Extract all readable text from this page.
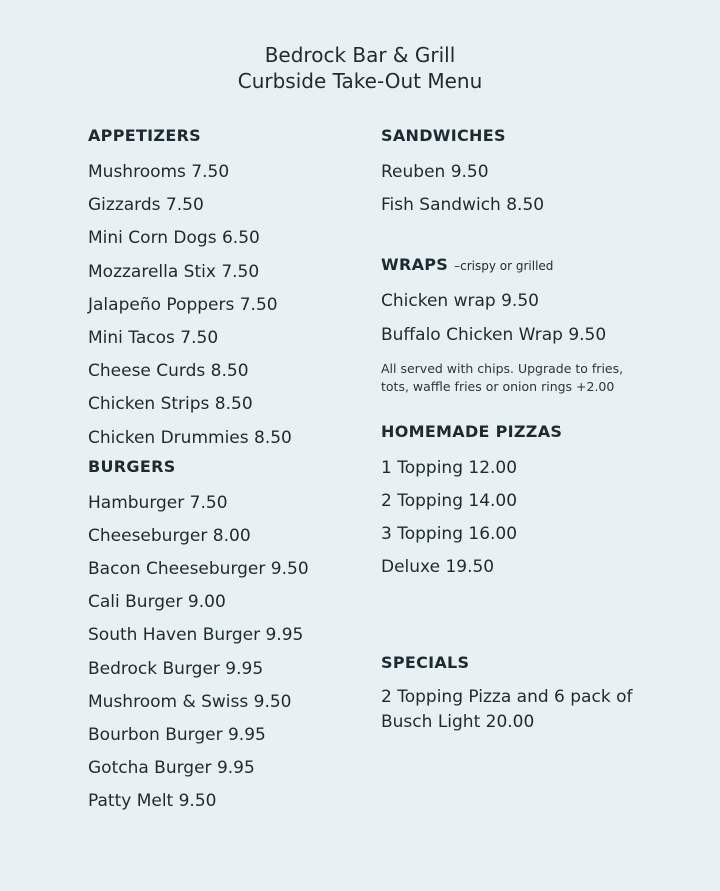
Bedrock Bar & Grill
Curbside Take-Out Menu
APPETIZERS
Mushrooms 7.50
Gizzards 7.50
Mini Corn Dogs 6.50
Mozzarella Stix 7.50
Jalapeño Poppers 7.50
Mini Tacos 7.50
Cheese Curds 8.50
Chicken Strips 8.50
Chicken Drummies 8.50
BURGERS
Hamburger 7.50
Cheeseburger 8.00
Bacon Cheeseburger 9.50
Cali Burger 9.00
South Haven Burger 9.95
Bedrock Burger 9.95
Mushroom & Swiss 9.50
Bourbon Burger 9.95
Gotcha Burger 9.95
Patty Melt 9.50
SANDWICHES
Reuben 9.50
Fish Sandwich 8.50
WRAPS –crispy or grilled
Chicken wrap 9.50
Buffalo Chicken Wrap 9.50
All served with chips. Upgrade to fries, tots, waffle fries or onion rings +2.00
HOMEMADE PIZZAS
1 Topping 12.00
2 Topping 14.00
3 Topping 16.00
Deluxe 19.50
SPECIALS
2 Topping Pizza and 6 pack of Busch Light 20.00
